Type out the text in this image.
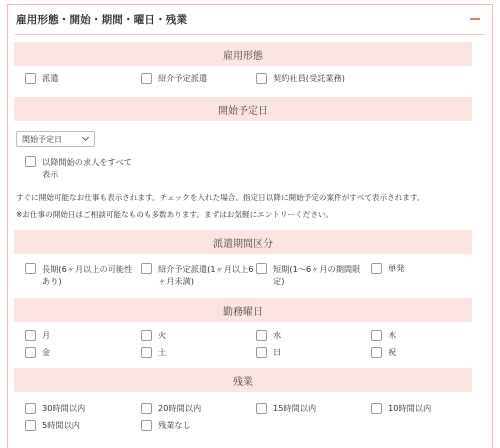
雇用形態・開始・期間・曜日・残業
雇用形態
派遣	紹介予定派遣	契約社員(受託業務)
開始予定日
開始予定日
以降開始の求人をすべて
表示
すぐに開始可能なお仕事も表示されます。チェックを入れた場合、指定日以降に開始予定の案件がすべて表示されます。
※お仕事の開始日はご相談可能なものも多数あります。まずはお気軽にエントリーください。
派遣期間区分
長期(6ヶ月以上の可能性
あり)
紹介予定派遣(1ヶ月以上6
ヶ月未満)
短期(1〜6ヶ月の期間限
定)
単発
勤務曜日
月	火	水	木
金	土	日	祝
残業
30時間以内	20時間以内	15時間以内	10時間以内
5時間以内	残業なし
